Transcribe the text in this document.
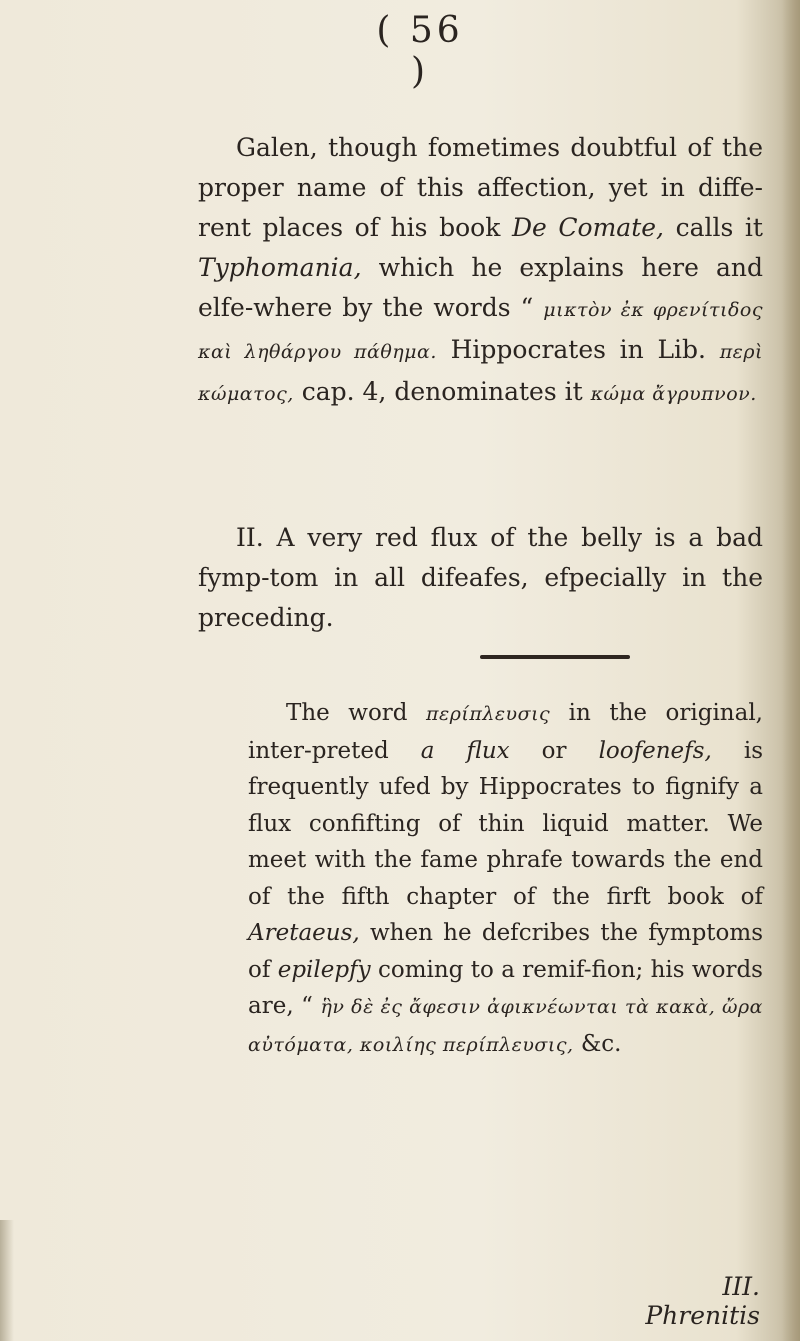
( 56 )

Galen, though fometimes doubtful of the proper name of this affection, yet in diffe-rent places of his book De Comate, calls it Typhomania, which he explains here and elfe-where by the words “ μικτὸν ἐκ φρενίτιδος καὶ ληθάργου πάθημα. Hippocrates in Lib. περὶ κώματος, cap. 4, denominates it κώμα ἄγρυπνον.

II. A very red flux of the belly is a bad fymp-tom in all difeafes, efpecially in the preceding.

The word περίπλευσις in the original, inter-preted a flux or loofenefs, is frequently ufed by Hippocrates to fignify a flux confifting of thin liquid matter. We meet with the fame phrafe towards the end of the fifth chapter of the firft book of Aretaeus, when he defcribes the fymptoms of epilepfy coming to a remif-fion; his words are, “ ἣν δὲ ἐς ἄφεσιν ἀφικνέωνται τὰ κακὰ, ὤρα αὐτόματα, κοιλίης περίπλευσις, &c.

III. Phrenitis
